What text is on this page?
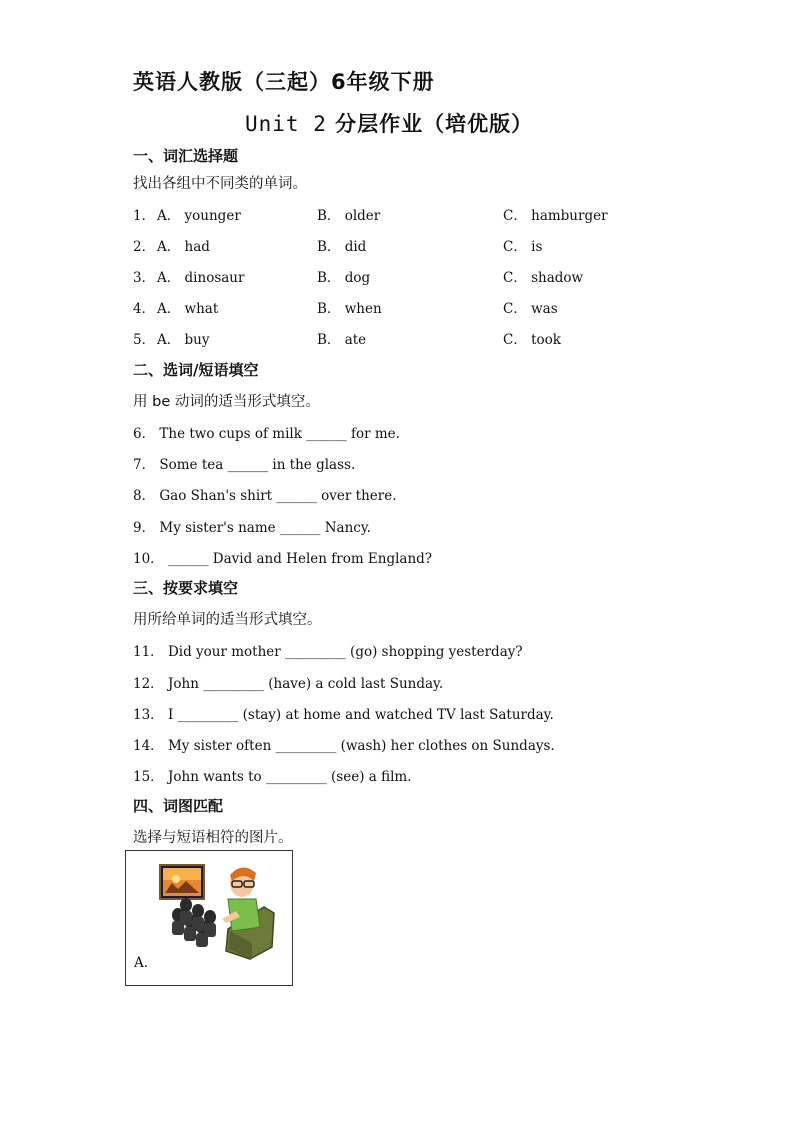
英语人教版（三起）6年级下册
Unit 2 分层作业（培优版）
一、词汇选择题
找出各组中不同类的单词。
1． A． younger	B． older	C． hamburger
2． A． had	B． did	C． is
3． A． dinosaur	B． dog	C． shadow
4． A． what	B． when	C． was
5． A． buy	B． ate	C． took
二、选词/短语填空
用 be 动词的适当形式填空。
6． The two cups of milk ______ for me.
7． Some tea ______ in the glass.
8． Gao Shan's shirt ______ over there.
9． My sister's name ______ Nancy.
10． ______ David and Helen from England?
三、按要求填空
用所给单词的适当形式填空。
11． Did your mother _________ (go) shopping yesterday?
12． John _________ (have) a cold last Sunday.
13． I _________ (stay) at home and watched TV last Saturday.
14． My sister often _________ (wash) her clothes on Sundays.
15． John wants to _________ (see) a film.
四、词图匹配
选择与短语相符的图片。
A．
